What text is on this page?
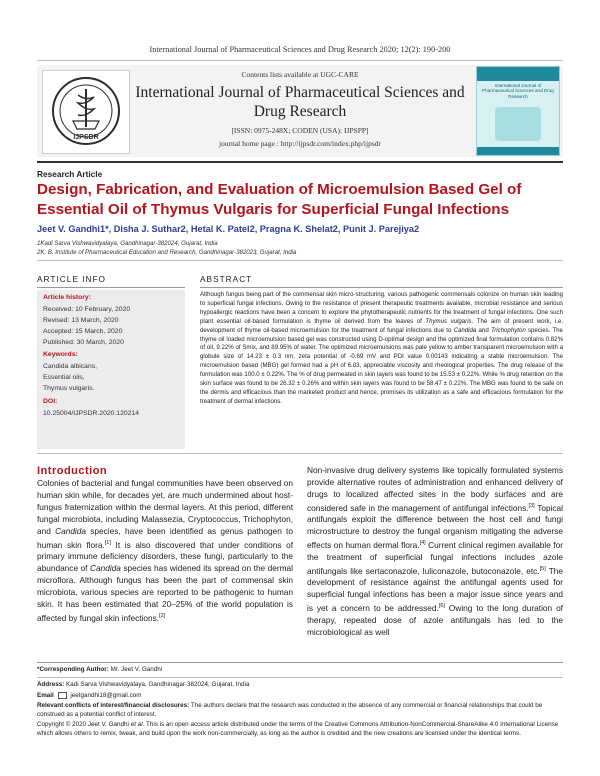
International Journal of Pharmaceutical Sciences and Drug Research 2020; 12(2): 190-200
IJPSDR
Contents lists available at UGC-CARE
International Journal of Pharmaceutical Sciences and Drug Research
[ISSN: 0975-248X; CODEN (USA): IJPSPP]
journal home page : http://ijpsdr.com/index.php/ijpsdr
International Journal of Pharmaceutical Sciences and Drug Research
Research Article
Design, Fabrication, and Evaluation of Microemulsion Based Gel of Essential Oil of Thymus Vulgaris for Superficial Fungal Infections
Jeet V. Gandhi1*, Disha J. Suthar2, Hetal K. Patel2, Pragna K. Shelat2, Punit J. Parejiya2
1Kadi Sarva Vishwavidyalaya, Gandhinagar-382024, Gujarat, India
2K. B. Institute of Pharmaceutical Education and Research, Gandhinagar-382023, Gujarat, India
ARTICLE INFO
Article history:
Received: 10 February, 2020
Revised: 13 March, 2020
Accepted: 15 March, 2020
Published: 30 March, 2020
Keywords:
Candida albicans,
Essential oils,
Thymus vulgaris.
DOI:
10.25004/IJPSDR.2020.120214
ABSTRACT
Although fungus being part of the commensal skin micro-structuring, various pathogenic commensals colonize on human skin leading to superficial fungal infections. Owing to the resistance of present therapeutic treatments available, microbial resistance and serious hypoallergic reactions have been a concern to explore the phytotherapeutic nutrients for the treatment of fungal infections. One such plant essential oil-based formulation is thyme oil derived from the leaves of Thymus vulgaris. The aim of present work, i.e. development of thyme oil-based microemulsion for the treatment of fungal infections due to Candida and Trichophyton species. The thyme oil loaded microemulsion based gel was constructed using D-optimal design and the optimized final formulation contains 0.82% of oil, 9.22% of Smix, and 89.95% of water. The optimized microemulsions was pale yellow to amber transparent microemulsion with a globule size of 14.23 ± 0.3 nm, zeta potential of -0.69 mV and PDI value 0.00143 indicating a stable microemulsion. The microemulsion based (MBG) gel formed had a pH of 6.03, appreciable viscosity and rheological properties. The drug release of the formulation was 100.0 ± 0.22%. The % of drug permeated in skin layers was found to be 15.53 ± 0.22%. While % drug retention on the skin surface was found to be 26.32 ± 0.26% and within skin layers was found to be 58.47 ± 0.22%. The MBG was found to be safe on the dermis and efficacious than the marketed product and hence, promises its utilization as a safe and efficacious formulation for the treatment of dermal infections.
Introduction
Colonies of bacterial and fungal communities have been observed on human skin while, for decades yet, are much undermined about host-fungus fraternization within the dermal layers. At this period, different fungal microbiota, including Malassezia, Cryptococcus, Trichophyton, and Candida species, have been identified as genus pathogen to human skin flora.[1] It is also discovered that under conditions of primary immune deficiency disorders, these fungi, particularly to the abundance of Candida species has widened its spread on the dermal microflora. Although fungus has been the part of commensal skin microbiota, various species are reported to be pathogenic to human skin. It has been estimated that 20–25% of the world population is affected by fungal skin infections.[2]
Non-invasive drug delivery systems like topically formulated systems provide alternative routes of administration and enhanced delivery of drugs to localized affected sites in the body surfaces and are considered safe in the management of antifungal infections.[3] Topical antifungals exploit the difference between the host cell and fungi microstructure to destroy the fungal organism mitigating the adverse effects on human dermal flora.[4] Current clinical regimen available for the treatment of superficial fungal infections includes azole antifungals like sertaconazole, luliconazole, butoconazole, etc.[5] The development of resistance against the antifungal agents used for superficial fungal infections has been a major issue since years and is yet a concern to be addressed.[6] Owing to the long duration of therapy, repeated dose of azole antifungals has led to the microbiological as well
*Corresponding Author: Mr. Jeet V. Gandhi
Address: Kadi Sarva Vishwavidyalaya, Gandhinagar-382024, Gujarat, India
Email	jeetgandhi18@gmail.com
Relevant conflicts of interest/financial disclosures: The authors declare that the research was conducted in the absence of any commercial or financial relationships that could be construed as a potential conflict of interest.
Copyright © 2020 Jeet V. Gandhi et al. This is an open access article distributed under the terms of the Creative Commons Attribution-NonCommercial-ShareAlike 4.0 International License which allows others to remix, tweak, and build upon the work non-commercially, as long as the author is credited and the new creations are licensed under the identical terms.
